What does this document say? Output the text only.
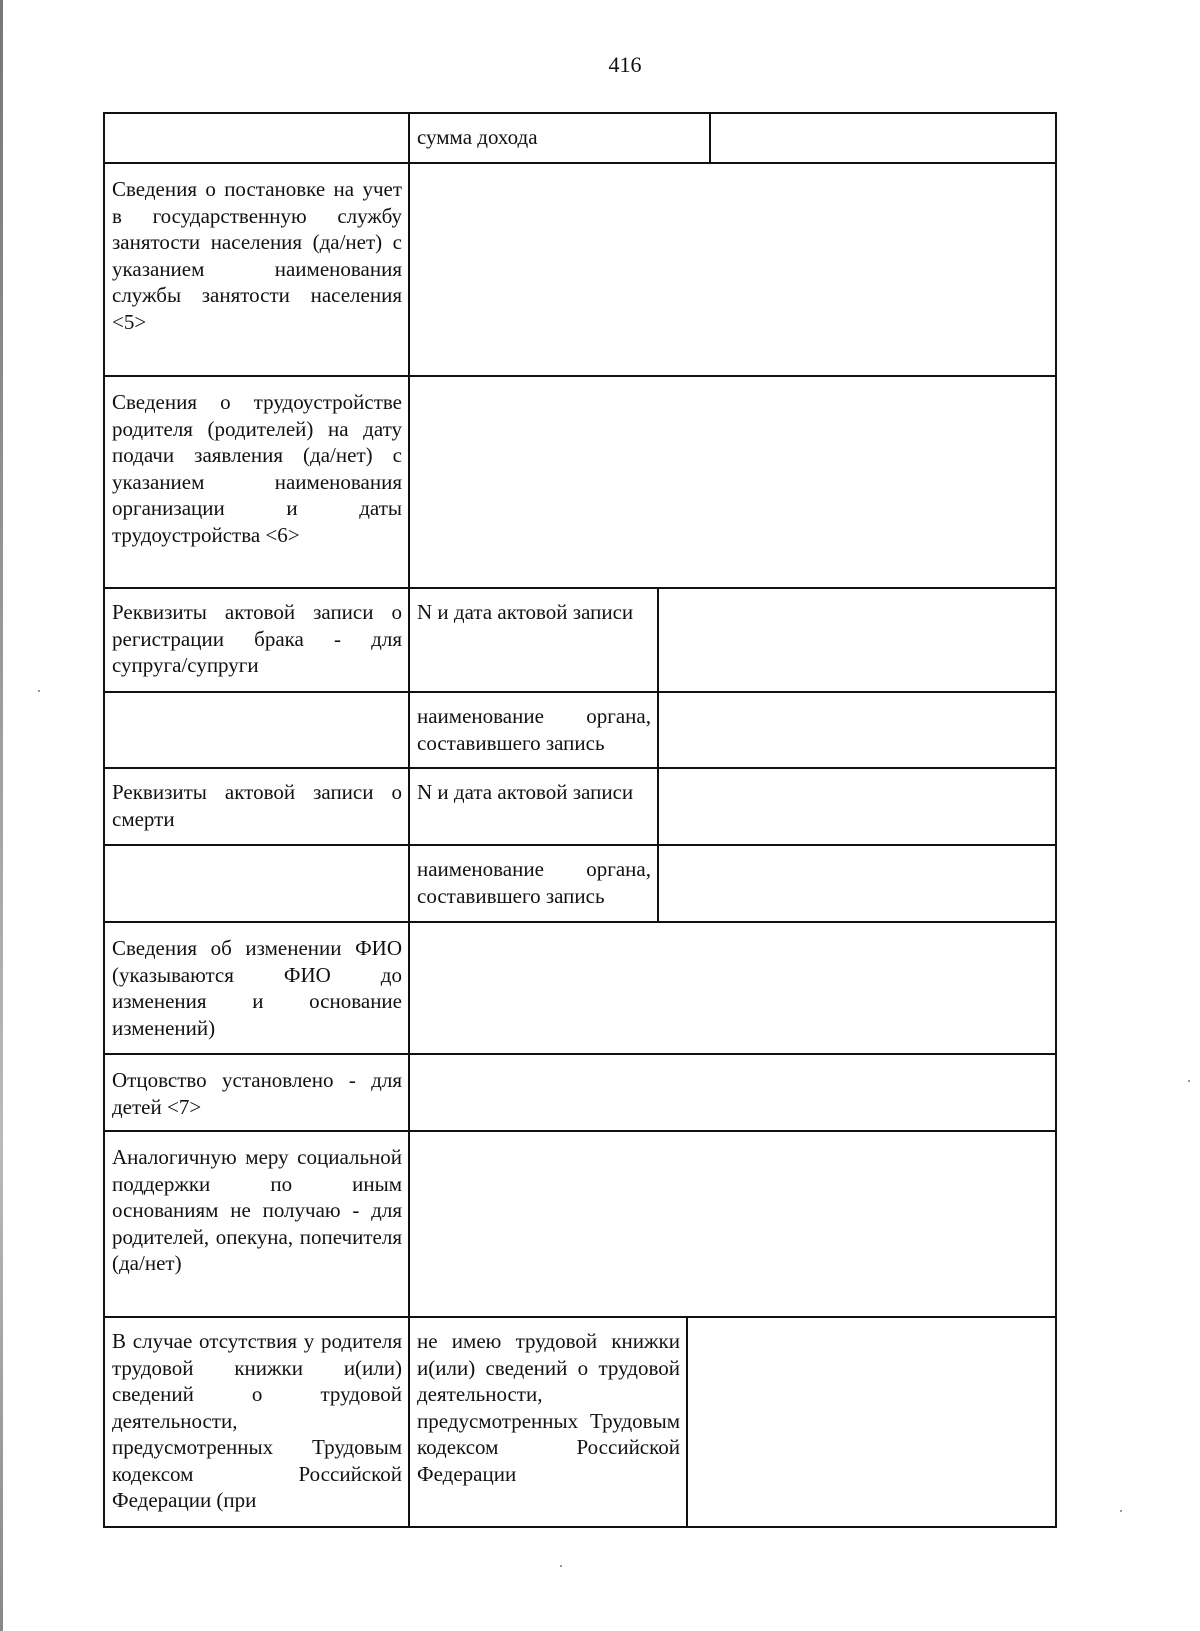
416
сумма дохода
Сведения о постановке на учет в государственную службу занятости населения (да/нет) с указанием наименования службы занятости населения <5>
Сведения о трудоустройстве родителя (родителей) на дату подачи заявления (да/нет) с указанием наименования организации и даты трудоустройства <6>
Реквизиты актовой записи о регистрации брака - для супруга/супруги
N и дата актовой записи
наименование органа, составившего запись
Реквизиты актовой записи о смерти
N и дата актовой записи
наименование органа, составившего запись
Сведения об изменении ФИО (указываются ФИО до изменения и основание изменений)
Отцовство установлено - для детей <7>
Аналогичную меру социальной поддержки по иным основаниям не получаю - для родителей, опекуна, попечителя (да/нет)
В случае отсутствия у родителя трудовой книжки и(или) сведений о трудовой деятельности, предусмотренных Трудовым кодексом Российской Федерации (при
не имею трудовой книжки и(или) сведений о трудовой деятельности, предусмотренных Трудовым кодексом Российской Федерации
